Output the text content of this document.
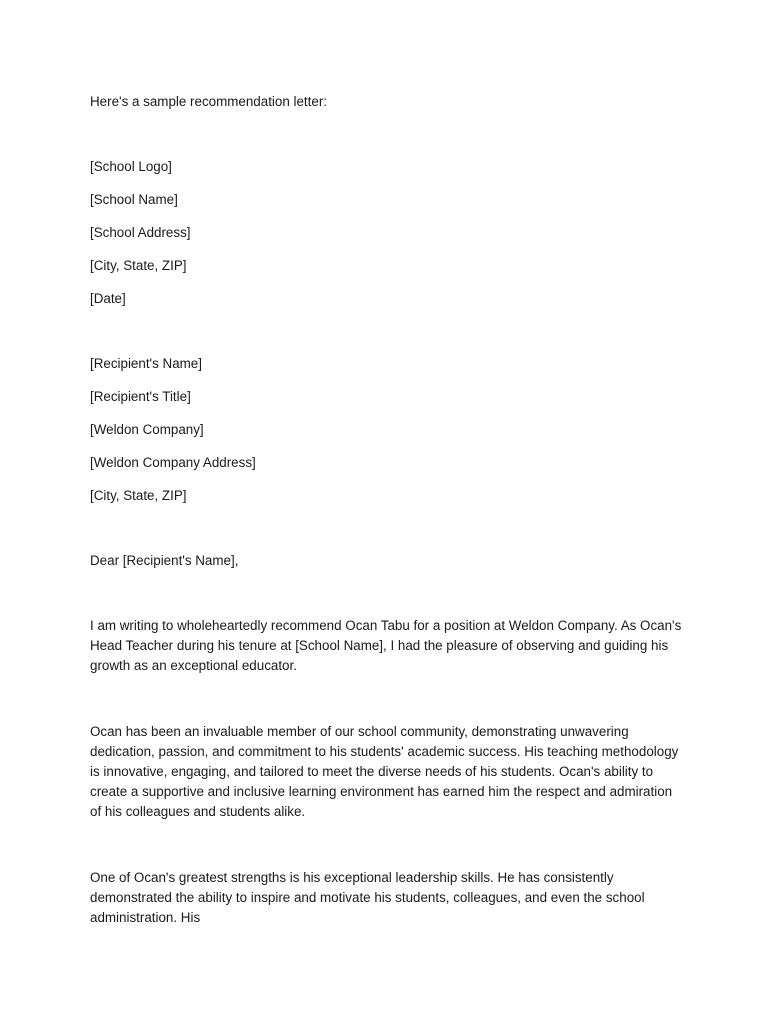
Here's a sample recommendation letter:

[School Logo]

[School Name]

[School Address]

[City, State, ZIP]

[Date]

[Recipient's Name]

[Recipient's Title]

[Weldon Company]

[Weldon Company Address]

[City, State, ZIP]

Dear [Recipient's Name],

I am writing to wholeheartedly recommend Ocan Tabu for a position at Weldon Company. As Ocan's Head Teacher during his tenure at [School Name], I had the pleasure of observing and guiding his growth as an exceptional educator.

Ocan has been an invaluable member of our school community, demonstrating unwavering dedication, passion, and commitment to his students' academic success. His teaching methodology is innovative, engaging, and tailored to meet the diverse needs of his students. Ocan's ability to create a supportive and inclusive learning environment has earned him the respect and admiration of his colleagues and students alike.

One of Ocan's greatest strengths is his exceptional leadership skills. He has consistently demonstrated the ability to inspire and motivate his students, colleagues, and even the school administration. His
